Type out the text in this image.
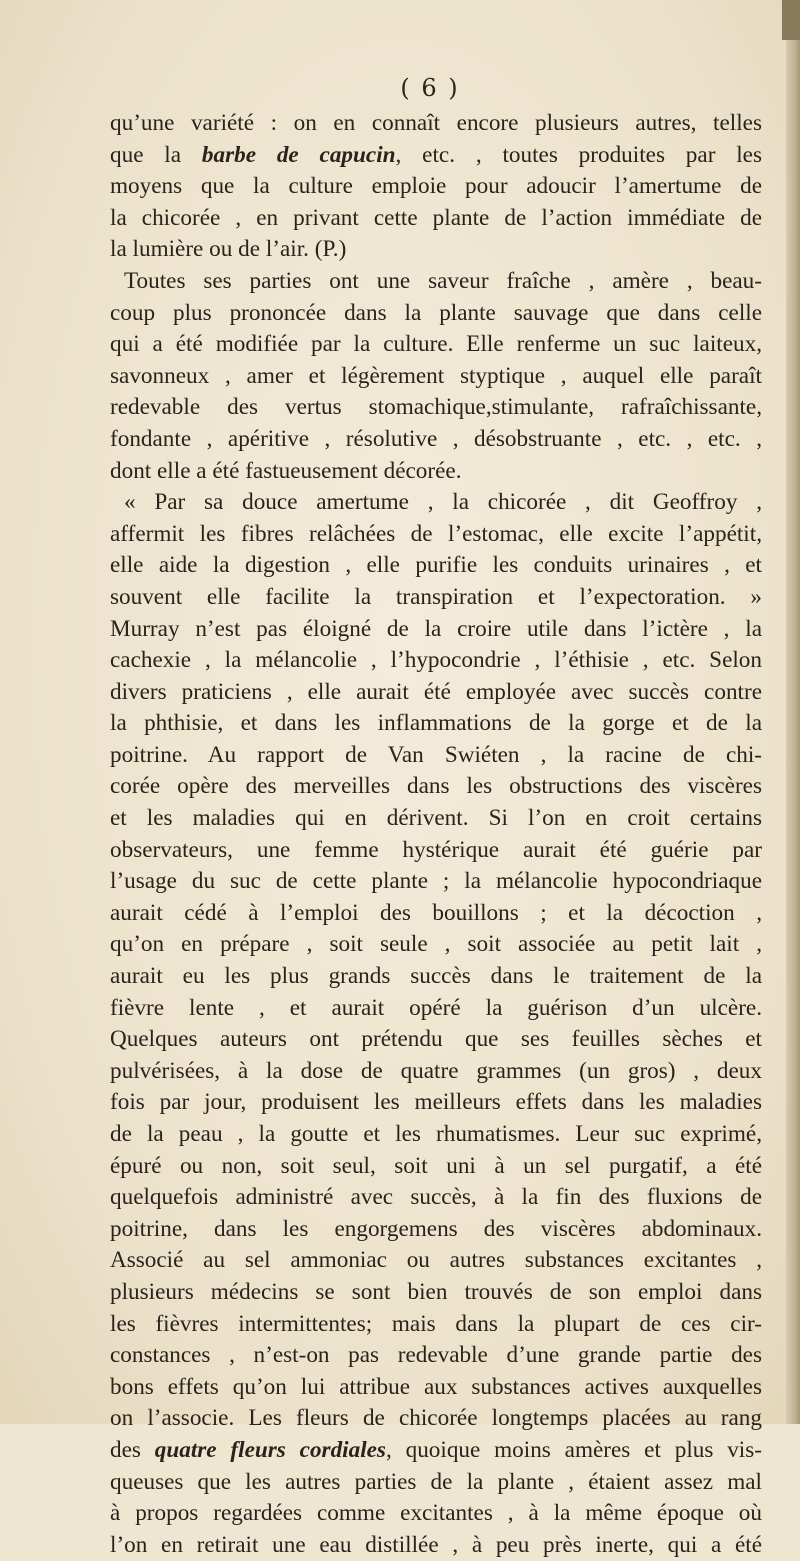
( 6 )
qu’une variété : on en connaît encore plusieurs autres, telles
que la barbe de capucin, etc. , toutes produites par les
moyens que la culture emploie pour adoucir l’amertume de
la chicorée , en privant cette plante de l’action immédiate de
la lumière ou de l’air. (P.)
Toutes ses parties ont une saveur fraîche , amère , beau-
coup plus prononcée dans la plante sauvage que dans celle
qui a été modifiée par la culture. Elle renferme un suc laiteux,
savonneux , amer et légèrement styptique , auquel elle paraît
redevable des vertus stomachique,stimulante, rafraîchissante,
fondante , apéritive , résolutive , désobstruante , etc. , etc. ,
dont elle a été fastueusement décorée.
« Par sa douce amertume , la chicorée , dit Geoffroy ,
affermit les fibres relâchées de l’estomac, elle excite l’appétit,
elle aide la digestion , elle purifie les conduits urinaires , et
souvent elle facilite la transpiration et l’expectoration. »
Murray n’est pas éloigné de la croire utile dans l’ictère , la
cachexie , la mélancolie , l’hypocondrie , l’éthisie , etc. Selon
divers praticiens , elle aurait été employée avec succès contre
la phthisie, et dans les inflammations de la gorge et de la
poitrine. Au rapport de Van Swiéten , la racine de chi-
corée opère des merveilles dans les obstructions des viscères
et les maladies qui en dérivent. Si l’on en croit certains
observateurs, une femme hystérique aurait été guérie par
l’usage du suc de cette plante ; la mélancolie hypocondriaque
aurait cédé à l’emploi des bouillons ; et la décoction ,
qu’on en prépare , soit seule , soit associée au petit lait ,
aurait eu les plus grands succès dans le traitement de la
fièvre lente , et aurait opéré la guérison d’un ulcère.
Quelques auteurs ont prétendu que ses feuilles sèches et
pulvérisées, à la dose de quatre grammes (un gros) , deux
fois par jour, produisent les meilleurs effets dans les maladies
de la peau , la goutte et les rhumatismes. Leur suc exprimé,
épuré ou non, soit seul, soit uni à un sel purgatif, a été
quelquefois administré avec succès, à la fin des fluxions de
poitrine, dans les engorgemens des viscères abdominaux.
Associé au sel ammoniac ou autres substances excitantes ,
plusieurs médecins se sont bien trouvés de son emploi dans
les fièvres intermittentes; mais dans la plupart de ces cir-
constances , n’est-on pas redevable d’une grande partie des
bons effets qu’on lui attribue aux substances actives auxquelles
on l’associe. Les fleurs de chicorée longtemps placées au rang
des quatre fleurs cordiales, quoique moins amères et plus vis-
queuses que les autres parties de la plante , étaient assez mal
à propos regardées comme excitantes , à la même époque où
l’on en retirait une eau distillée , à peu près inerte, qui a été
